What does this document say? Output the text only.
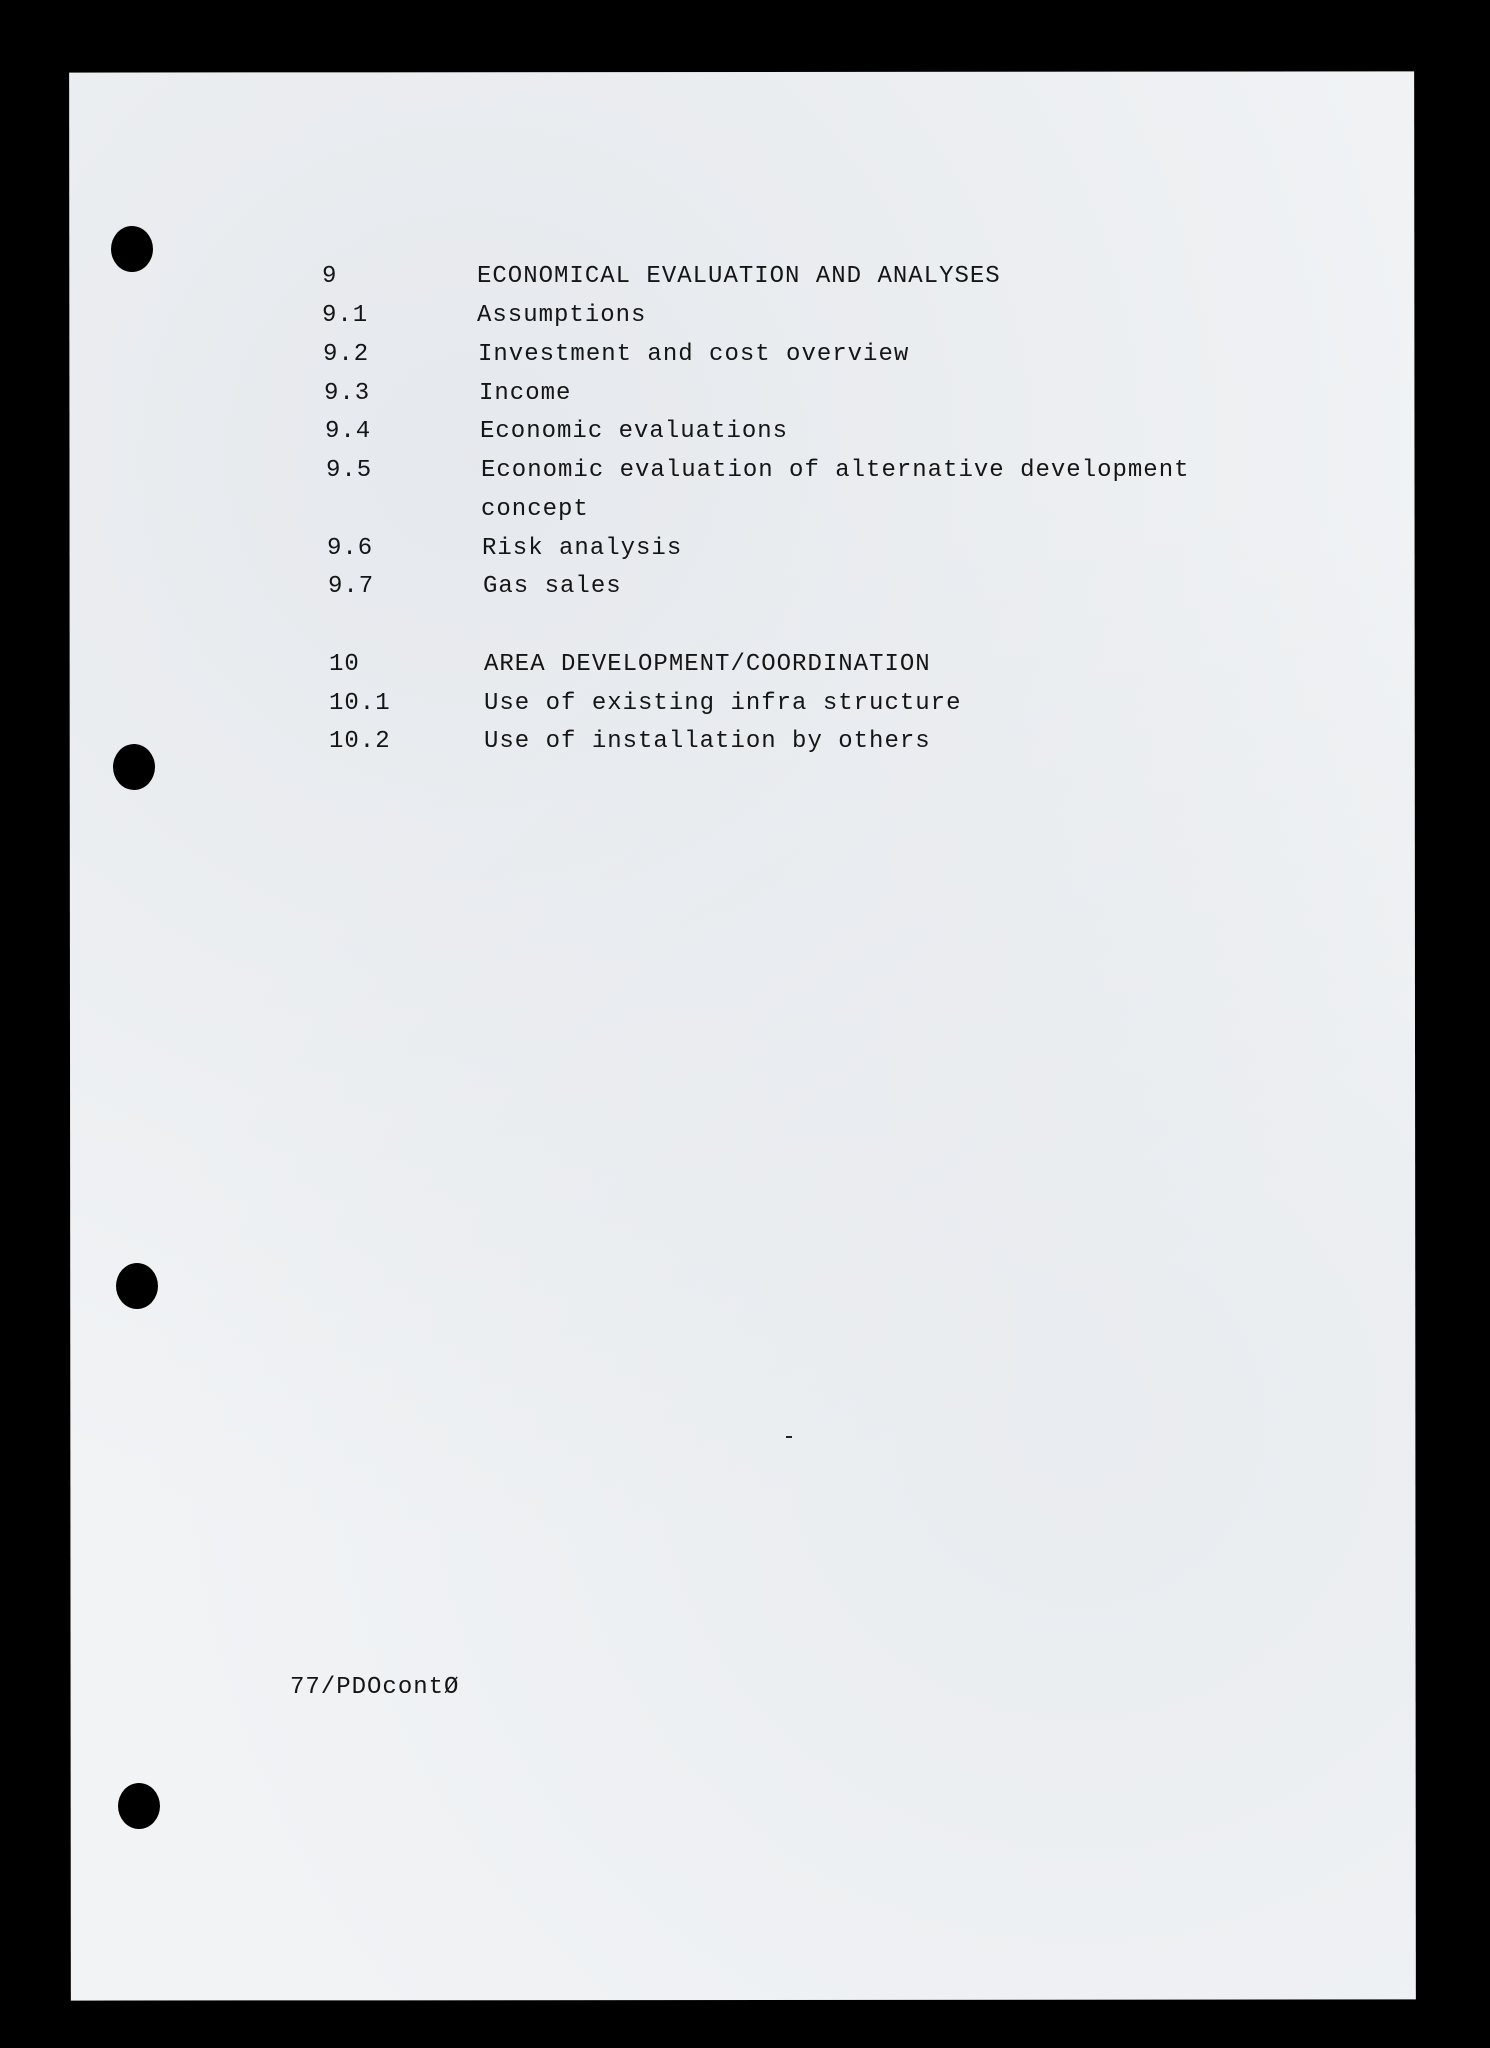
9	ECONOMICAL EVALUATION AND ANALYSES
9.1	Assumptions
9.2	Investment and cost overview
9.3	Income
9.4	Economic evaluations
9.5	Economic evaluation of alternative development
concept
9.6	Risk analysis
9.7	Gas sales
10	AREA DEVELOPMENT/COORDINATION
10.1	Use of existing infra structure
10.2	Use of installation by others
77/PDOcontØ
